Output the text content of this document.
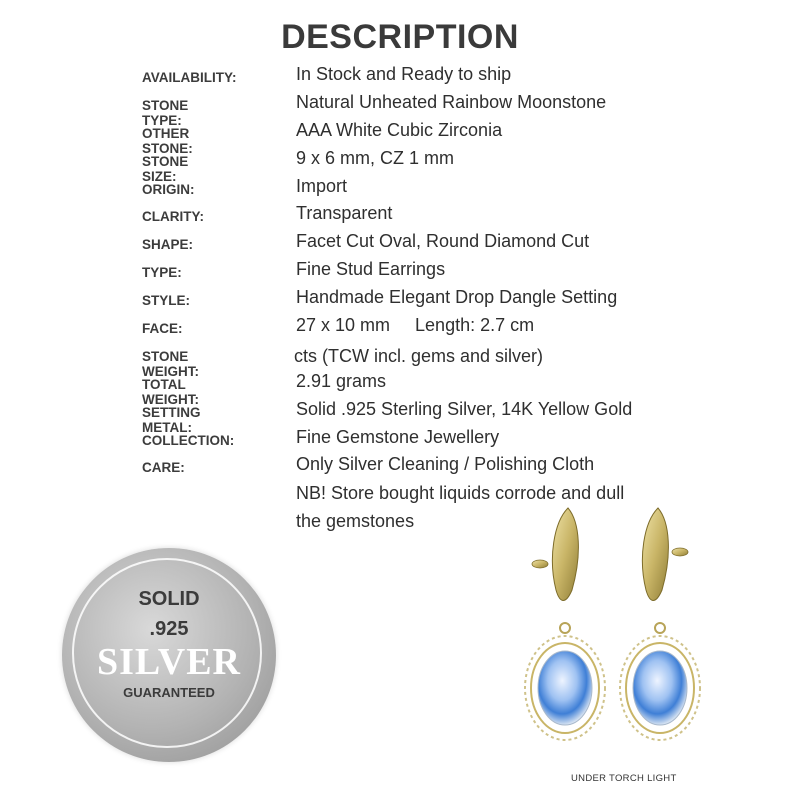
DESCRIPTION
AVAILABILITY:	In Stock and Ready to ship
STONE TYPE:
Natural Unheated Rainbow Moonstone
OTHER STONE:
AAA White Cubic Zirconia
STONE SIZE:
9 x 6 mm, CZ 1 mm
ORIGIN:	Import
CLARITY:	Transparent
SHAPE:	Facet Cut Oval, Round Diamond Cut
TYPE:	Fine Stud Earrings
STYLE:	Handmade Elegant Drop Dangle Setting
FACE:	27 x 10 mm     Length: 2.7 cm
STONE WEIGHT:
cts (TCW incl. gems and silver)
TOTAL WEIGHT:
2.91 grams
SETTING METAL:
Solid .925 Sterling Silver, 14K Yellow Gold
COLLECTION:	Fine Gemstone Jewellery
CARE:	Only Silver Cleaning / Polishing Cloth
NB! Store bought liquids corrode and dull
the gemstones
SOLID
.925
SILVER
GUARANTEED
UNDER TORCH LIGHT
